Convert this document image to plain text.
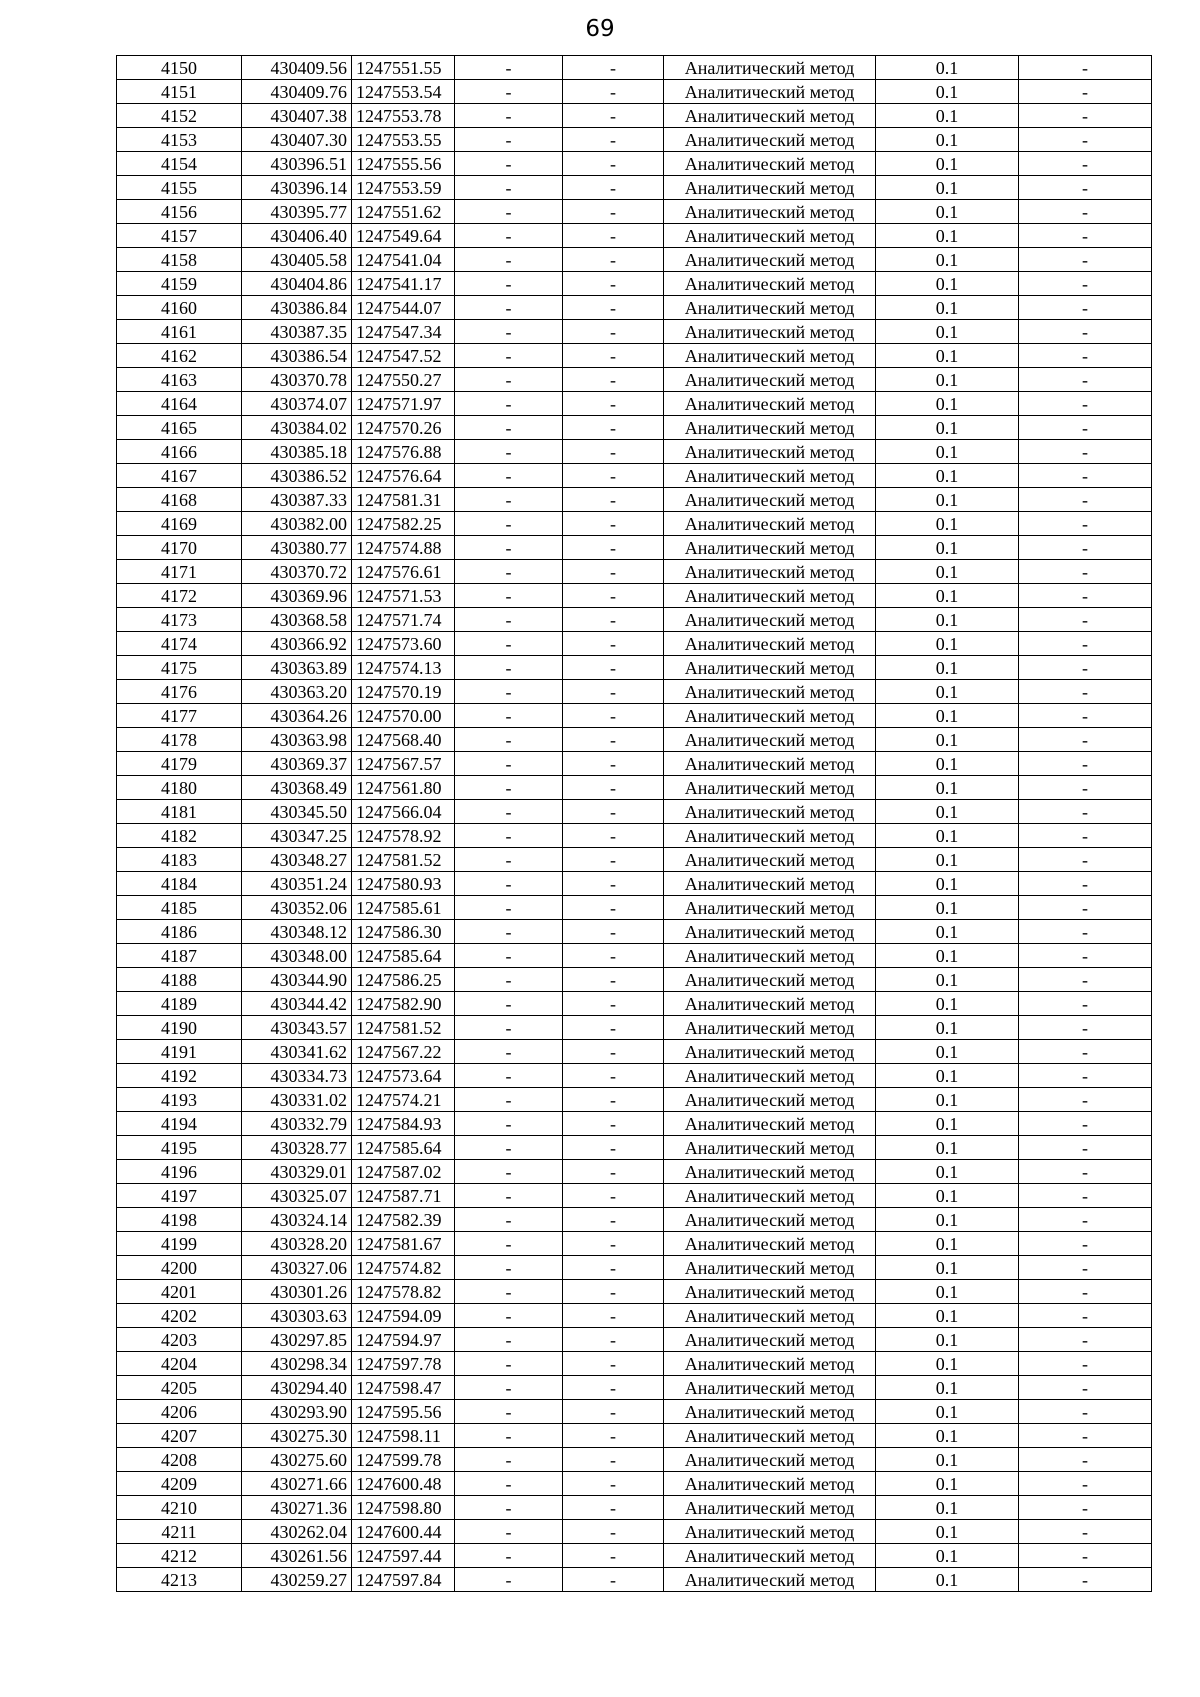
69
4150	430409.56	1247551.55	-	-	Аналитический метод	0.1	-
4151	430409.76	1247553.54	-	-	Аналитический метод	0.1	-
4152	430407.38	1247553.78	-	-	Аналитический метод	0.1	-
4153	430407.30	1247553.55	-	-	Аналитический метод	0.1	-
4154	430396.51	1247555.56	-	-	Аналитический метод	0.1	-
4155	430396.14	1247553.59	-	-	Аналитический метод	0.1	-
4156	430395.77	1247551.62	-	-	Аналитический метод	0.1	-
4157	430406.40	1247549.64	-	-	Аналитический метод	0.1	-
4158	430405.58	1247541.04	-	-	Аналитический метод	0.1	-
4159	430404.86	1247541.17	-	-	Аналитический метод	0.1	-
4160	430386.84	1247544.07	-	-	Аналитический метод	0.1	-
4161	430387.35	1247547.34	-	-	Аналитический метод	0.1	-
4162	430386.54	1247547.52	-	-	Аналитический метод	0.1	-
4163	430370.78	1247550.27	-	-	Аналитический метод	0.1	-
4164	430374.07	1247571.97	-	-	Аналитический метод	0.1	-
4165	430384.02	1247570.26	-	-	Аналитический метод	0.1	-
4166	430385.18	1247576.88	-	-	Аналитический метод	0.1	-
4167	430386.52	1247576.64	-	-	Аналитический метод	0.1	-
4168	430387.33	1247581.31	-	-	Аналитический метод	0.1	-
4169	430382.00	1247582.25	-	-	Аналитический метод	0.1	-
4170	430380.77	1247574.88	-	-	Аналитический метод	0.1	-
4171	430370.72	1247576.61	-	-	Аналитический метод	0.1	-
4172	430369.96	1247571.53	-	-	Аналитический метод	0.1	-
4173	430368.58	1247571.74	-	-	Аналитический метод	0.1	-
4174	430366.92	1247573.60	-	-	Аналитический метод	0.1	-
4175	430363.89	1247574.13	-	-	Аналитический метод	0.1	-
4176	430363.20	1247570.19	-	-	Аналитический метод	0.1	-
4177	430364.26	1247570.00	-	-	Аналитический метод	0.1	-
4178	430363.98	1247568.40	-	-	Аналитический метод	0.1	-
4179	430369.37	1247567.57	-	-	Аналитический метод	0.1	-
4180	430368.49	1247561.80	-	-	Аналитический метод	0.1	-
4181	430345.50	1247566.04	-	-	Аналитический метод	0.1	-
4182	430347.25	1247578.92	-	-	Аналитический метод	0.1	-
4183	430348.27	1247581.52	-	-	Аналитический метод	0.1	-
4184	430351.24	1247580.93	-	-	Аналитический метод	0.1	-
4185	430352.06	1247585.61	-	-	Аналитический метод	0.1	-
4186	430348.12	1247586.30	-	-	Аналитический метод	0.1	-
4187	430348.00	1247585.64	-	-	Аналитический метод	0.1	-
4188	430344.90	1247586.25	-	-	Аналитический метод	0.1	-
4189	430344.42	1247582.90	-	-	Аналитический метод	0.1	-
4190	430343.57	1247581.52	-	-	Аналитический метод	0.1	-
4191	430341.62	1247567.22	-	-	Аналитический метод	0.1	-
4192	430334.73	1247573.64	-	-	Аналитический метод	0.1	-
4193	430331.02	1247574.21	-	-	Аналитический метод	0.1	-
4194	430332.79	1247584.93	-	-	Аналитический метод	0.1	-
4195	430328.77	1247585.64	-	-	Аналитический метод	0.1	-
4196	430329.01	1247587.02	-	-	Аналитический метод	0.1	-
4197	430325.07	1247587.71	-	-	Аналитический метод	0.1	-
4198	430324.14	1247582.39	-	-	Аналитический метод	0.1	-
4199	430328.20	1247581.67	-	-	Аналитический метод	0.1	-
4200	430327.06	1247574.82	-	-	Аналитический метод	0.1	-
4201	430301.26	1247578.82	-	-	Аналитический метод	0.1	-
4202	430303.63	1247594.09	-	-	Аналитический метод	0.1	-
4203	430297.85	1247594.97	-	-	Аналитический метод	0.1	-
4204	430298.34	1247597.78	-	-	Аналитический метод	0.1	-
4205	430294.40	1247598.47	-	-	Аналитический метод	0.1	-
4206	430293.90	1247595.56	-	-	Аналитический метод	0.1	-
4207	430275.30	1247598.11	-	-	Аналитический метод	0.1	-
4208	430275.60	1247599.78	-	-	Аналитический метод	0.1	-
4209	430271.66	1247600.48	-	-	Аналитический метод	0.1	-
4210	430271.36	1247598.80	-	-	Аналитический метод	0.1	-
4211	430262.04	1247600.44	-	-	Аналитический метод	0.1	-
4212	430261.56	1247597.44	-	-	Аналитический метод	0.1	-
4213	430259.27	1247597.84	-	-	Аналитический метод	0.1	-
